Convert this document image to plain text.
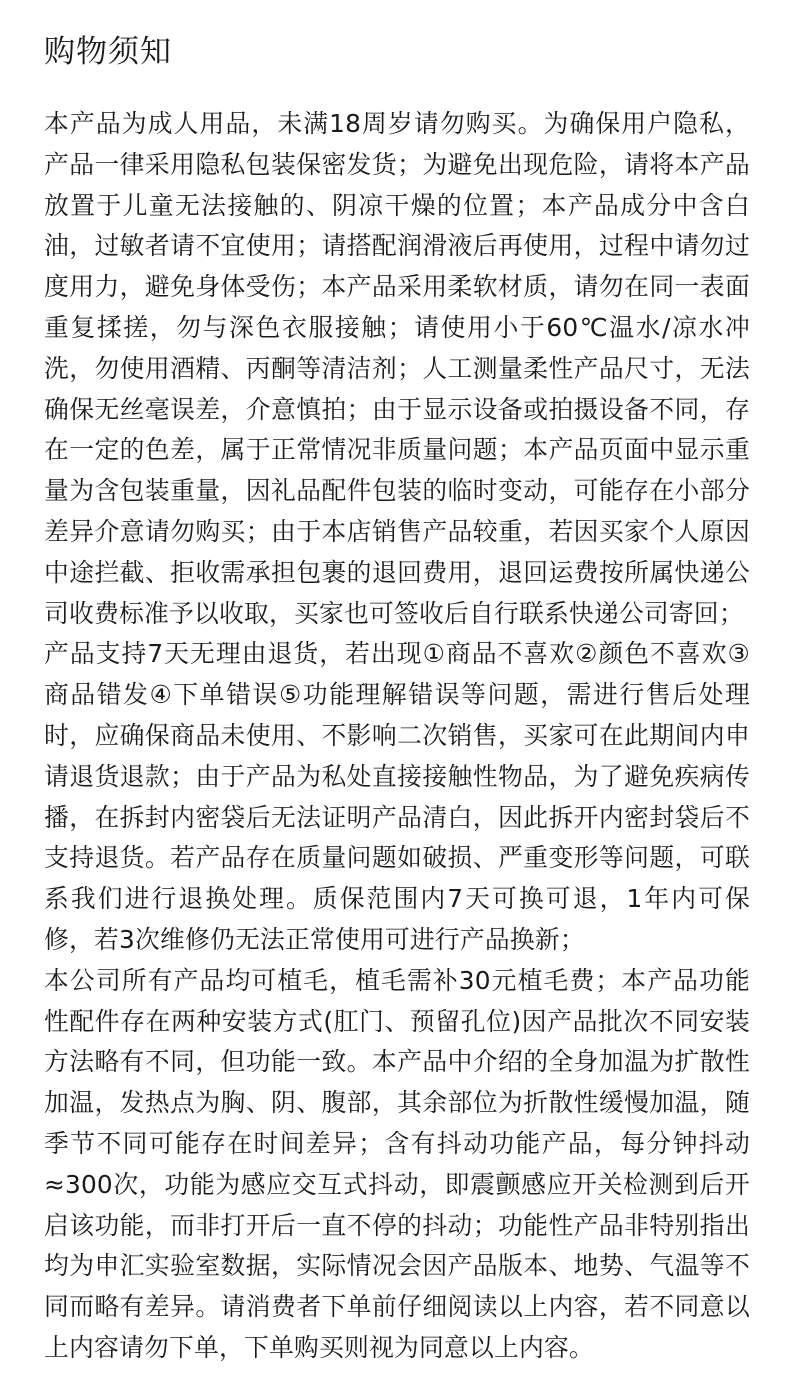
购物须知

本产品为成人用品，未满18周岁请勿购买。为确保用户隐私，产品一律采用隐私包装保密发货；为避免出现危险，请将本产品放置于儿童无法接触的、阴凉干燥的位置；本产品成分中含白油，过敏者请不宜使用；请搭配润滑液后再使用，过程中请勿过度用力，避免身体受伤；本产品采用柔软材质，请勿在同一表面重复揉搓，勿与深色衣服接触；请使用小于60℃温水/凉水冲洗，勿使用酒精、丙酮等清洁剂；人工测量柔性产品尺寸，无法确保无丝毫误差，介意慎拍；由于显示设备或拍摄设备不同，存在一定的色差，属于正常情况非质量问题；本产品页面中显示重量为含包装重量，因礼品配件包装的临时变动，可能存在小部分差异介意请勿购买；由于本店销售产品较重，若因买家个人原因中途拦截、拒收需承担包裹的退回费用，退回运费按所属快递公司收费标准予以收取，买家也可签收后自行联系快递公司寄回；

产品支持7天无理由退货，若出现①商品不喜欢②颜色不喜欢③商品错发④下单错误⑤功能理解错误等问题，需进行售后处理时，应确保商品未使用、不影响二次销售，买家可在此期间内申请退货退款；由于产品为私处直接接触性物品，为了避免疾病传播，在拆封内密袋后无法证明产品清白，因此拆开内密封袋后不支持退货。若产品存在质量问题如破损、严重变形等问题，可联系我们进行退换处理。质保范围内7天可换可退，1年内可保修，若3次维修仍无法正常使用可进行产品换新；

本公司所有产品均可植毛，植毛需补30元植毛费；本产品功能性配件存在两种安装方式(肛门、预留孔位)因产品批次不同安装方法略有不同，但功能一致。本产品中介绍的全身加温为扩散性加温，发热点为胸、阴、腹部，其余部位为折散性缓慢加温，随季节不同可能存在时间差异；含有抖动功能产品，每分钟抖动≈300次，功能为感应交互式抖动，即震颤感应开关检测到后开启该功能，而非打开后一直不停的抖动；功能性产品非特别指出均为申汇实验室数据，实际情况会因产品版本、地势、气温等不同而略有差异。请消费者下单前仔细阅读以上内容，若不同意以上内容请勿下单，下单购买则视为同意以上内容。
